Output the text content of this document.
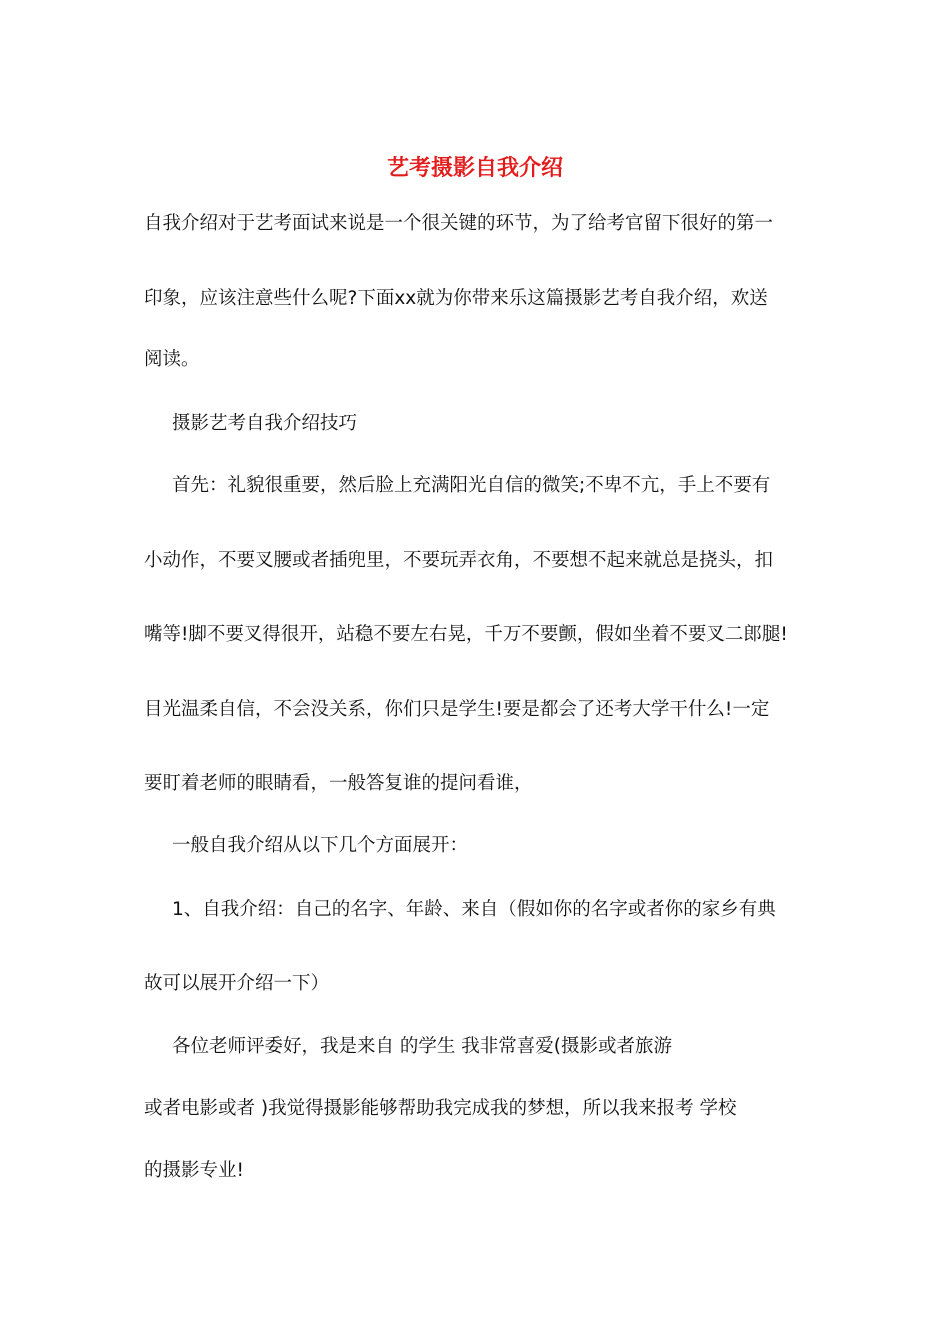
艺考摄影自我介绍
自我介绍对于艺考面试来说是一个很关键的环节，为了给考官留下很好的第一
印象，应该注意些什么呢?下面xx就为你带来乐这篇摄影艺考自我介绍，欢送
阅读。
摄影艺考自我介绍技巧
首先：礼貌很重要，然后脸上充满阳光自信的微笑;不卑不亢，手上不要有
小动作，不要叉腰或者插兜里，不要玩弄衣角，不要想不起来就总是挠头，扣
嘴等!脚不要叉得很开，站稳不要左右晃，千万不要颤，假如坐着不要叉二郎腿!
目光温柔自信，不会没关系，你们只是学生!要是都会了还考大学干什么!一定
要盯着老师的眼睛看，一般答复谁的提问看谁，
一般自我介绍从以下几个方面展开：
1、自我介绍：自己的名字、年龄、来自（假如你的名字或者你的家乡有典
故可以展开介绍一下）
各位老师评委好，我是来自 的学生 我非常喜爱(摄影或者旅游
或者电影或者 )我觉得摄影能够帮助我完成我的梦想，所以我来报考 学校
的摄影专业!
